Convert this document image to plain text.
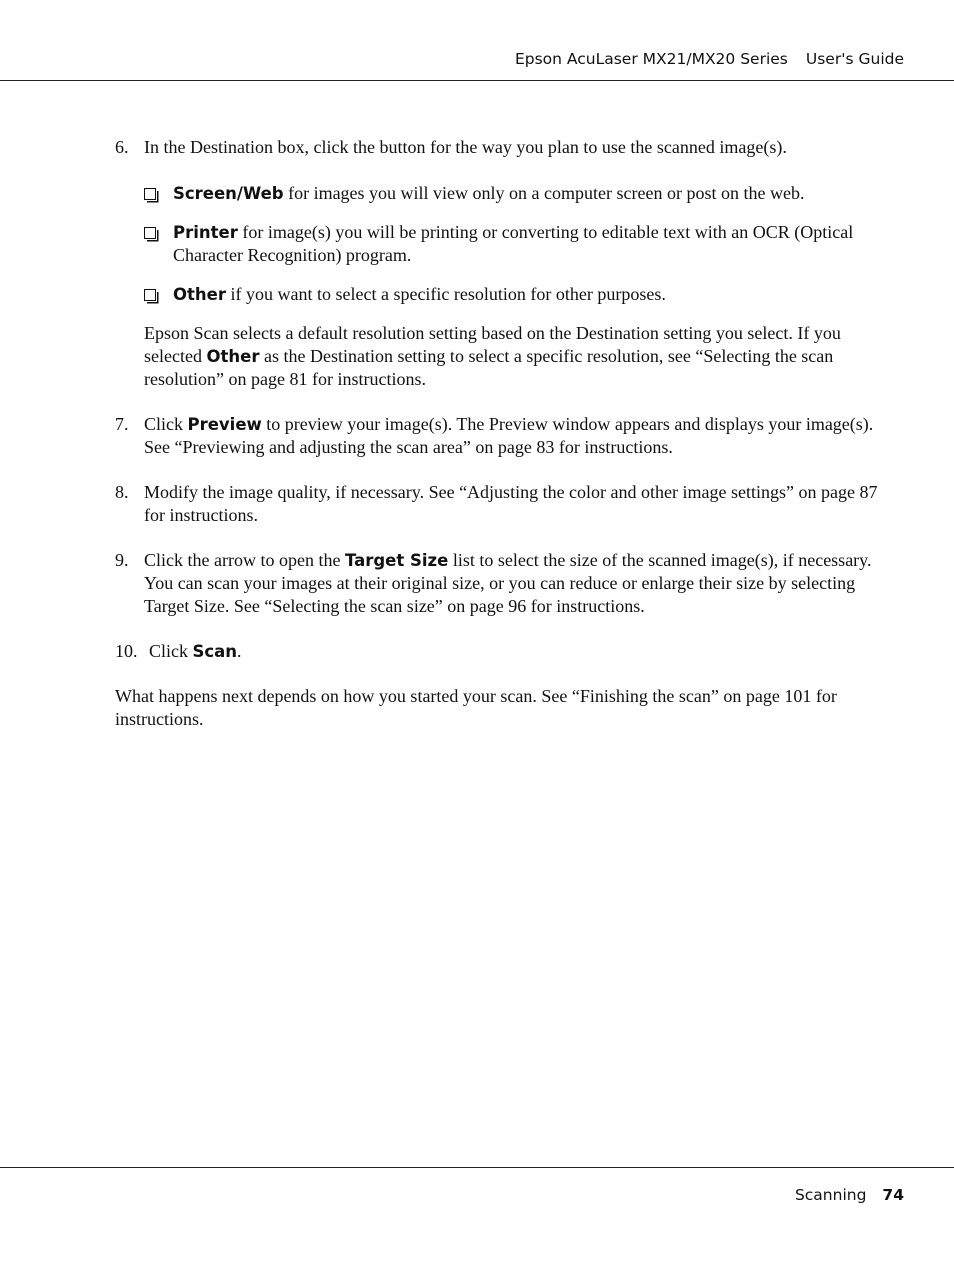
Epson AcuLaser MX21/MX20 Series User's Guide
6. In the Destination box, click the button for the way you plan to use the scanned image(s).
Screen/Web for images you will view only on a computer screen or post on the web.
Printer for image(s) you will be printing or converting to editable text with an OCR (Optical Character Recognition) program.
Other if you want to select a specific resolution for other purposes.
Epson Scan selects a default resolution setting based on the Destination setting you select. If you selected Other as the Destination setting to select a specific resolution, see “Selecting the scan resolution” on page 81 for instructions.
7. Click Preview to preview your image(s). The Preview window appears and displays your image(s). See “Previewing and adjusting the scan area” on page 83 for instructions.
8. Modify the image quality, if necessary. See “Adjusting the color and other image settings” on page 87 for instructions.
9. Click the arrow to open the Target Size list to select the size of the scanned image(s), if necessary. You can scan your images at their original size, or you can reduce or enlarge their size by selecting Target Size. See “Selecting the scan size” on page 96 for instructions.
10. Click Scan.
What happens next depends on how you started your scan. See “Finishing the scan” on page 101 for instructions.
Scanning 74
